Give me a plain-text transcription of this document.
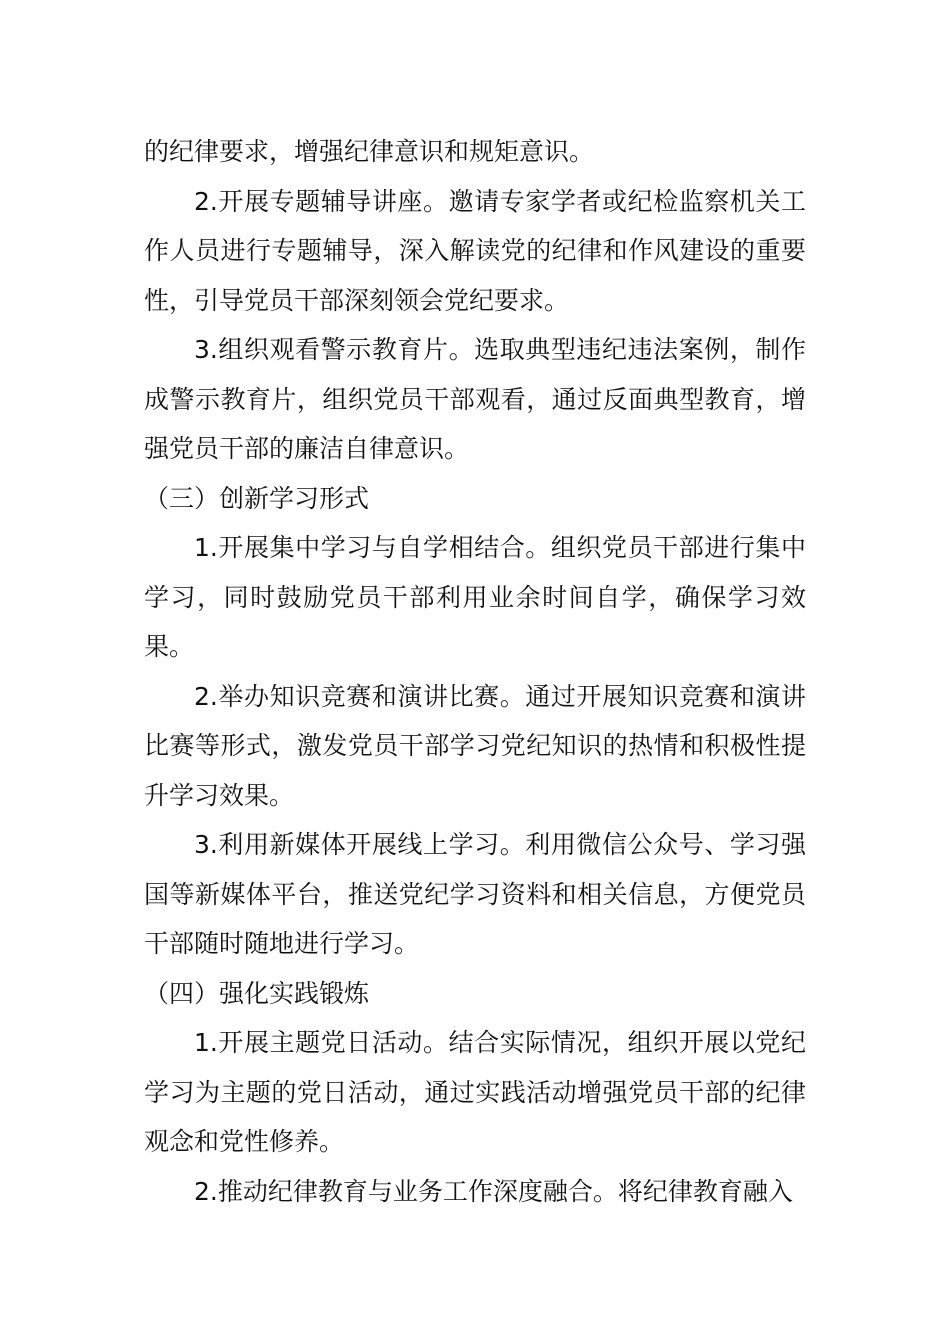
的纪律要求，增强纪律意识和规矩意识。

2.开展专题辅导讲座。邀请专家学者或纪检监察机关工作人员进行专题辅导，深入解读党的纪律和作风建设的重要性，引导党员干部深刻领会党纪要求。

3.组织观看警示教育片。选取典型违纪违法案例，制作成警示教育片，组织党员干部观看，通过反面典型教育，增强党员干部的廉洁自律意识。

（三）创新学习形式

1.开展集中学习与自学相结合。组织党员干部进行集中学习，同时鼓励党员干部利用业余时间自学，确保学习效果。

2.举办知识竞赛和演讲比赛。通过开展知识竞赛和演讲比赛等形式，激发党员干部学习党纪知识的热情和积极性提升学习效果。

3.利用新媒体开展线上学习。利用微信公众号、学习强国等新媒体平台，推送党纪学习资料和相关信息，方便党员干部随时随地进行学习。

（四）强化实践锻炼

1.开展主题党日活动。结合实际情况，组织开展以党纪学习为主题的党日活动，通过实践活动增强党员干部的纪律观念和党性修养。

2.推动纪律教育与业务工作深度融合。将纪律教育融入
